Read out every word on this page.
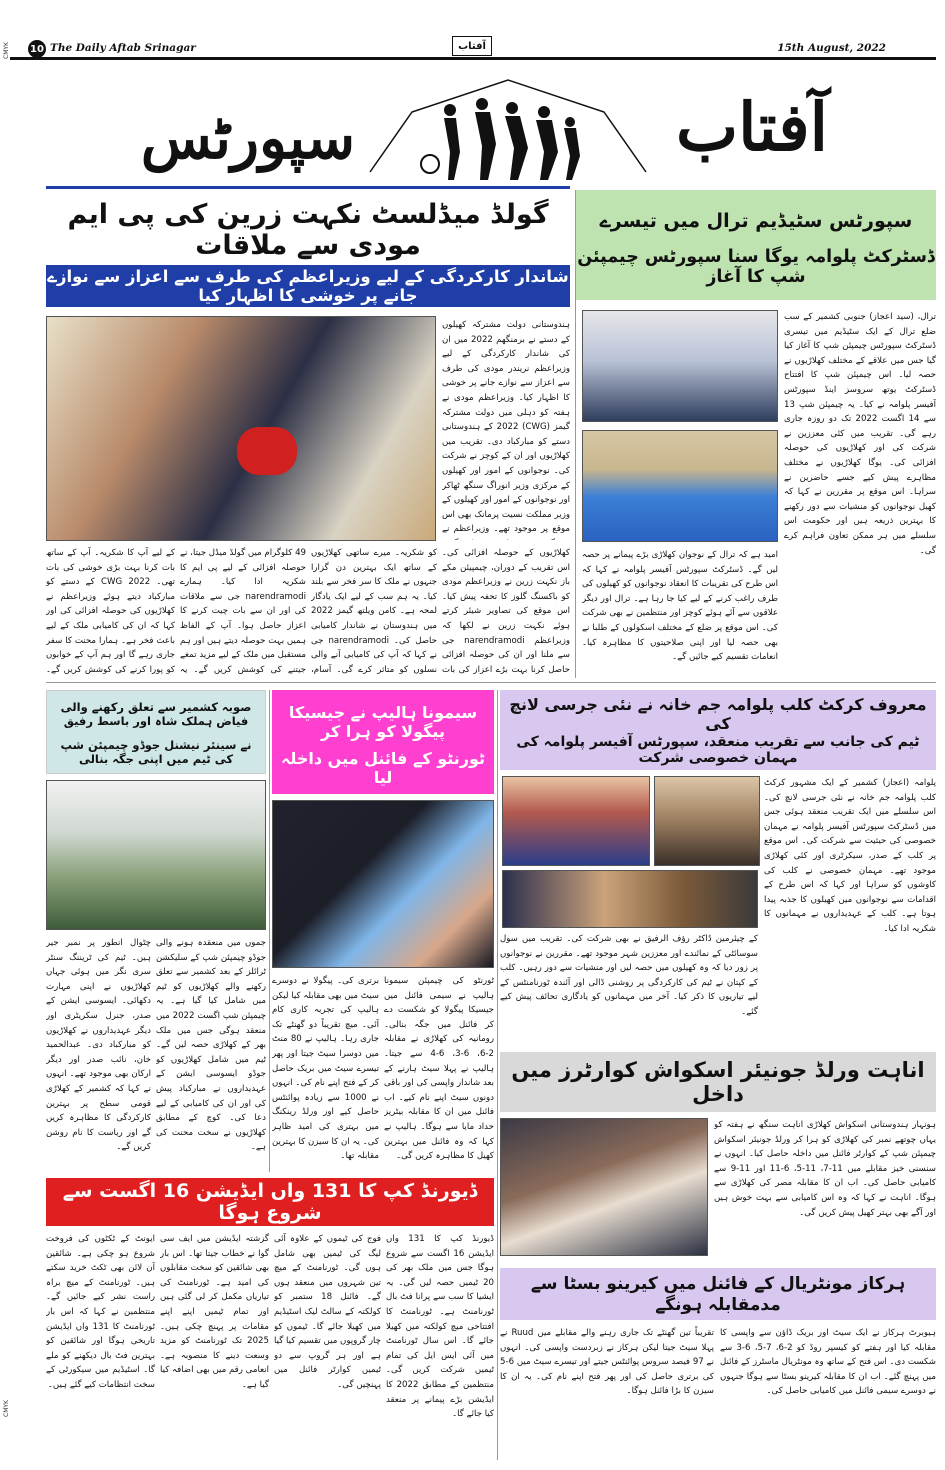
CMYK
CMYK
10 The Daily Aftab Srinagar	آفتاب	15th August, 2022
سپورٹس	آفتاب
گولڈ میڈلسٹ نکہت زرین کی پی ایم مودی سے ملاقات
شاندار کارکردگی کے لیے وزیراعظم کی طرف سے اعزاز سے نوازے جانے پر خوشی کا اظہار کیا
ہندوستانی دولت مشترکہ کھیلوں کے دستے نے برمنگھم 2022 میں ان کی شاندار کارکردگی کے لیے وزیراعظم نریندر مودی کی طرف سے اعزاز سے نوازے جانے پر خوشی کا اظہار کیا۔ وزیراعظم مودی نے ہفتہ کو دہلی میں دولت مشترکہ گیمز (CWG) 2022 کے ہندوستانی دستے کو مبارکباد دی۔ تقریب میں کھلاڑیوں اور ان کے کوچز نے شرکت کی۔ نوجوانوں کے امور اور کھیلوں کے مرکزی وزیر انوراگ سنگھ ٹھاکر اور نوجوانوں کے امور اور کھیلوں کے وزیر مملکت نسیت پرمانک بھی اس موقع پر موجود تھے۔ وزیراعظم نے
کھلاڑیوں کے حوصلہ افزائی کی۔ اس تقریب کے دوران، چیمپیئن مکے باز نکہت زرین نے وزیراعظم مودی کو باکسنگ گلوز کا تحفہ پیش کیا۔ اس موقع کی تصاویر شیئر کرتے ہوئے نکہت زرین نے لکھا کہ وزیراعظم narendramodi جی سے ملنا اور ان کی حوصلہ افزائی حاصل کرنا بہت بڑے اعزاز کی بات
کو شکریہ۔ میرے ساتھی کھلاڑیوں کے ساتھ ایک بہترین دن گزارا جنہوں نے ملک کا سر فخر سے بلند کیا۔ یہ ہم سب کے لیے ایک یادگار لمحہ ہے۔ کامن ویلتھ گیمز 2022 میں ہندوستان نے شاندار کامیابی حاصل کی۔ narendramodi جی نے کہا کہ آپ کی کامیابی آنے والی نسلوں کو متاثر کرے گی۔ آسام،
49 کلوگرام میں گولڈ میڈل جیتا، نے حوصلہ افزائی کے لیے پی ایم کا شکریہ ادا کیا۔ ہمارے narendramodi جی سے ملاقات کی اور ان سے بات چیت کرنے کا اعزاز حاصل ہوا۔ آپ کے الفاظ ہمیں بہت حوصلہ دیتے ہیں اور ہم مستقبل میں ملک کے لیے مزید تمغے جیتنے کی کوشش کریں گے۔ یہ
کے لیے آپ کا شکریہ۔ آپ کے ساتھ بات کرنا بہت بڑی خوشی کی بات تھی۔ CWG 2022 کے دستے کو مبارکباد دیتے ہوئے وزیراعظم نے کھلاڑیوں کی حوصلہ افزائی کی اور کہا کہ ان کی کامیابی ملک کے لیے باعث فخر ہے۔ ہمارا محنت کا سفر جاری رہے گا اور ہم آپ کے خوابوں کو پورا کرنے کی کوشش کریں گے۔
سپورٹس سٹیڈیم ترال میں تیسرے
ڈسٹرکٹ پلوامہ یوگا سنا سپورٹس چیمپئن شپ کا آغاز
ترال، (سید اعجاز) جنوبی کشمیر کے سب ضلع ترال کے ایک سٹیڈیم میں تیسری ڈسٹرکٹ سپورٹس چیمپئن شپ کا آغاز کیا گیا جس میں علاقے کے مختلف کھلاڑیوں نے حصہ لیا۔ اس چیمپئن شپ کا افتتاح ڈسٹرکٹ یوتھ سروسز اینڈ سپورٹس آفیسر پلوامہ نے کیا۔ یہ چیمپئن شپ 13 سے 14 اگست 2022 تک دو روزہ جاری رہے گی۔ تقریب میں کئی معززین نے شرکت کی اور کھلاڑیوں کی حوصلہ افزائی کی۔ یوگا کھلاڑیوں نے مختلف مظاہرے پیش کیے جسے حاضرین نے سراہا۔ اس موقع پر مقررین نے کہا کہ کھیل نوجوانوں کو منشیات سے دور رکھنے کا بہترین ذریعہ ہیں اور حکومت اس سلسلے میں ہر ممکن تعاون فراہم کرے گی۔
امید ہے کہ ترال کے نوجوان کھلاڑی بڑے پیمانے پر حصہ لیں گے۔ ڈسٹرکٹ سپورٹس آفیسر پلوامہ نے کہا کہ اس طرح کی تقریبات کا انعقاد نوجوانوں کو کھیلوں کی طرف راغب کرنے کے لیے کیا جا رہا ہے۔ ترال اور دیگر علاقوں سے آئے ہوئے کوچز اور منتظمین نے بھی شرکت کی۔ اس موقع پر ضلع کے مختلف اسکولوں کے طلبا نے بھی حصہ لیا اور اپنی صلاحیتوں کا مظاہرہ کیا۔ انعامات تقسیم کیے جائیں گے۔
صوبہ کشمیر سے تعلق رکھنے والی فیاض ہملک شاہ اور باسط رفیق
نے سینئر نیشنل جوڈو چیمپئن شپ کی ٹیم میں اپنی جگہ بنالی
جموں میں منعقدہ ہونے والی جوڈو چیمپئن شپ کے سلیکشن ٹرائلز کے بعد کشمیر سے تعلق رکھنے والے کھلاڑیوں کو ٹیم میں شامل کیا گیا ہے۔ یہ چیمپئن شپ اگست 2022 میں منعقد ہوگی جس میں ملک بھر کے کھلاڑی حصہ لیں گے۔ ٹیم میں شامل کھلاڑیوں کو جوڈو ایسوسی ایشن کے عہدیداروں نے مبارکباد پیش کی اور ان کی کامیابی کے لیے دعا کی۔ کوچ کے مطابق کھلاڑیوں نے سخت محنت کی ہے۔
چٹوال انطور پر نمبر جیر ہیں۔ ٹیم کی ٹریننگ سنٹر سری نگر میں ہوئی جہاں کھلاڑیوں نے اپنی مہارت دکھائی۔ ایسوسی ایشن کے صدر، جنرل سکریٹری اور دیگر عہدیداروں نے کھلاڑیوں کو مبارکباد دی۔ عبدالحمید خان، نائب صدر اور دیگر ارکان بھی موجود تھے۔ انہوں نے کہا کہ کشمیر کے کھلاڑی قومی سطح پر بہترین کارکردگی کا مظاہرہ کریں گے اور ریاست کا نام روشن کریں گے۔
سیمونا ہالیپ نے جیسیکا پیگولا کو ہرا کر
ٹورنٹو کے فائنل میں داخلہ لیا
ٹورنٹو کی چیمپئن سیمونا ہالیپ نے سیمی فائنل میں جیسیکا پیگولا کو شکست دے کر فائنل میں جگہ بنالی۔ رومانیہ کی کھلاڑی نے مقابلہ 2-6، 6-3، 6-4 سے جیتا۔ ہالیپ نے پہلا سیٹ ہارنے کے بعد شاندار واپسی کی اور باقی دونوں سیٹ اپنے نام کیے۔ اب فائنل میں ان کا مقابلہ بیٹریز حداد مایا سے ہوگا۔ ہالیپ نے کہا کہ وہ فائنل میں بہترین کھیل کا مظاہرہ کریں گی۔
برتری کی۔ پیگولا نے دوسرے سیٹ میں بھی مقابلہ کیا لیکن ہالیپ کی تجربہ کاری کام آئی۔ میچ تقریباً دو گھنٹے تک جاری رہا۔ ہالیپ نے 80 منٹ میں دوسرا سیٹ جیتا اور پھر تیسرے سیٹ میں بریک حاصل کر کے فتح اپنے نام کی۔ انہوں نے 1000 سے زیادہ پوائنٹس حاصل کیے اور ورلڈ رینکنگ میں بہتری کی امید ظاہر کی۔ یہ ان کا سیزن کا بہترین مقابلہ تھا۔
معروف کرکٹ کلب پلوامہ جم خانہ نے نئی جرسی لانچ کی
ٹیم کی جانب سے تقریب منعقد، سپورٹس آفیسر پلوامہ کی مہمان خصوصی شرکت
پلوامہ (اعجاز) کشمیر کے ایک مشہور کرکٹ کلب پلوامہ جم خانہ نے نئی جرسی لانچ کی۔ اس سلسلے میں ایک تقریب منعقد ہوئی جس میں ڈسٹرکٹ سپورٹس آفیسر پلوامہ نے مہمان خصوصی کی حیثیت سے شرکت کی۔ اس موقع پر کلب کے صدر، سیکرٹری اور کئی کھلاڑی موجود تھے۔ مہمان خصوصی نے کلب کی کاوشوں کو سراہا اور کہا کہ اس طرح کے اقدامات سے نوجوانوں میں کھیلوں کا جذبہ پیدا ہوتا ہے۔ کلب کے عہدیداروں نے مہمانوں کا شکریہ ادا کیا۔
کے چیئرمین ڈاکٹر رؤف الرفیق نے بھی شرکت کی۔ تقریب میں سول سوسائٹی کے نمائندے اور معززین شہر موجود تھے۔ مقررین نے نوجوانوں پر زور دیا کہ وہ کھیلوں میں حصہ لیں اور منشیات سے دور رہیں۔ کلب کے کپتان نے ٹیم کی کارکردگی پر روشنی ڈالی اور آئندہ ٹورنامنٹس کے لیے تیاریوں کا ذکر کیا۔ آخر میں مہمانوں کو یادگاری تحائف پیش کیے گئے۔
اناہت ورلڈ جونیئر اسکواش کوارٹرز میں داخل
ہونہار ہندوستانی اسکواش کھلاڑی اناہت سنگھ نے ہفتہ کو یہاں چوتھے نمبر کی کھلاڑی کو ہرا کر ورلڈ جونیئر اسکواش چیمپئن شپ کے کوارٹر فائنل میں داخلہ حاصل کیا۔ انہوں نے سنسنی خیز مقابلے میں 11-7، 11-5، 6-11 اور 11-9 سے کامیابی حاصل کی۔ اب ان کا مقابلہ مصر کی کھلاڑی سے ہوگا۔ اناہت نے کہا کہ وہ اس کامیابی سے بہت خوش ہیں اور آگے بھی بہتر کھیل پیش کریں گی۔
ڈیورنڈ کپ کا 131 واں ایڈیشن 16 اگست سے شروع ہوگا
ڈیورنڈ کپ کا 131 واں ایڈیشن 16 اگست سے شروع ہوگا جس میں ملک بھر کی 20 ٹیمیں حصہ لیں گی۔ یہ ایشیا کا سب سے پرانا فٹ بال ٹورنامنٹ ہے۔ ٹورنامنٹ کا افتتاحی میچ کولکتہ میں کھیلا جائے گا۔ اس سال ٹورنامنٹ میں آئی ایس ایل کی تمام ٹیمیں شرکت کریں گی۔ منتظمین کے مطابق 2022 کا ایڈیشن بڑے پیمانے پر منعقد کیا جائے گا۔
فوج کی ٹیموں کے علاوہ آئی لیگ کی ٹیمیں بھی شامل ہوں گی۔ ٹورنامنٹ کے میچ تین شہروں میں منعقد ہوں گے۔ فائنل 18 ستمبر کو کولکتہ کے سالٹ لیک اسٹیڈیم میں کھیلا جائے گا۔ ٹیموں کو چار گروپوں میں تقسیم کیا گیا ہے اور ہر گروپ سے دو ٹیمیں کوارٹر فائنل میں پہنچیں گی۔
گزشتہ ایڈیشن میں ایف سی گوا نے خطاب جیتا تھا۔ اس بار بھی شائقین کو سخت مقابلوں کی امید ہے۔ ٹورنامنٹ کی تیاریاں مکمل کر لی گئی ہیں اور تمام ٹیمیں اپنے اپنے مقامات پر پہنچ چکی ہیں۔ 2025 تک ٹورنامنٹ کو مزید وسعت دینے کا منصوبہ ہے۔ انعامی رقم میں بھی اضافہ کیا گیا ہے۔
ایونٹ کے ٹکٹوں کی فروخت شروع ہو چکی ہے۔ شائقین آن لائن بھی ٹکٹ خرید سکتے ہیں۔ ٹورنامنٹ کے میچ براہ راست نشر کیے جائیں گے۔ منتظمین نے کہا کہ اس بار ٹورنامنٹ کا 131 واں ایڈیشن تاریخی ہوگا اور شائقین کو بہترین فٹ بال دیکھنے کو ملے گا۔ اسٹیڈیم میں سیکورٹی کے سخت انتظامات کیے گئے ہیں۔
ہرکاز مونٹریال کے فائنل میں کیرینو بسٹا سے مدمقابلہ ہونگے
ہیوبرٹ ہرکاز نے ایک سیٹ اور بریک ڈاؤن سے واپسی کا مقابلہ کیا اور ہفتے کو کیسپر روڈ کو 2-6، 7-5، 6-3 سے شکست دی۔ اس فتح کے ساتھ وہ مونٹریال ماسٹرز کے فائنل میں پہنچ گئے۔ اب ان کا مقابلہ کیرینو بسٹا سے ہوگا جنہوں نے دوسرے سیمی فائنل میں کامیابی حاصل کی۔
تقریباً تین گھنٹے تک جاری رہنے والے مقابلے میں Ruud نے پہلا سیٹ جیتا لیکن ہرکاز نے زبردست واپسی کی۔ انہوں نے 97 فیصد سروس پوائنٹس جیتے اور تیسرے سیٹ میں 6-5 کی برتری حاصل کی اور پھر فتح اپنے نام کی۔ یہ ان کا سیزن کا بڑا فائنل ہوگا۔
